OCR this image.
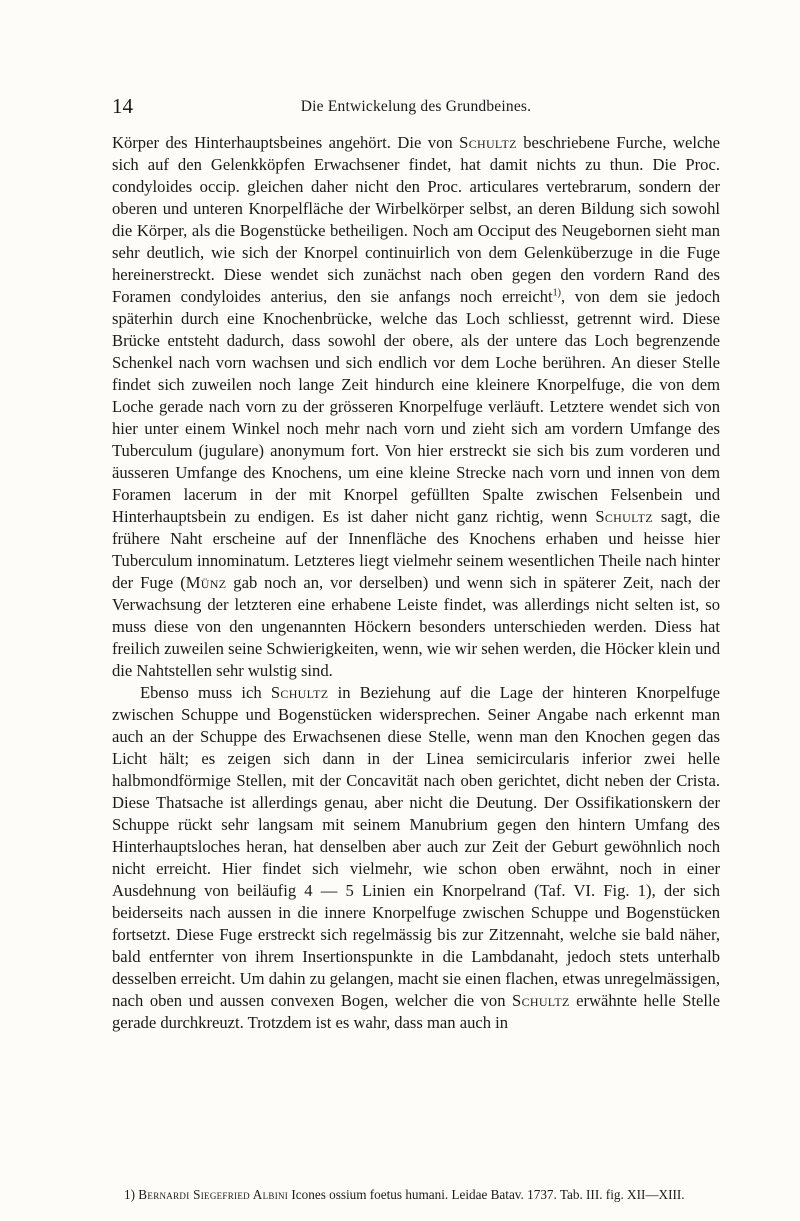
14	Die Entwickelung des Grundbeines.

Körper des Hinterhauptsbeines angehört. Die von Schultz beschriebene Furche, welche sich auf den Gelenkköpfen Erwachsener findet, hat damit nichts zu thun. Die Proc. condyloides occip. gleichen daher nicht den Proc. articulares vertebrarum, sondern der oberen und unteren Knorpelfläche der Wirbelkörper selbst, an deren Bildung sich sowohl die Körper, als die Bogenstücke betheiligen. Noch am Occiput des Neugebornen sieht man sehr deutlich, wie sich der Knorpel continuirlich von dem Gelenküberzuge in die Fuge hereinerstreckt. Diese wendet sich zunächst nach oben gegen den vordern Rand des Foramen condyloides anterius, den sie anfangs noch erreicht$^{1)}$, von dem sie jedoch späterhin durch eine Knochenbrücke, welche das Loch schliesst, getrennt wird. Diese Brücke entsteht dadurch, dass sowohl der obere, als der untere das Loch begrenzende Schenkel nach vorn wachsen und sich endlich vor dem Loche berühren. An dieser Stelle findet sich zuweilen noch lange Zeit hindurch eine kleinere Knorpelfuge, die von dem Loche gerade nach vorn zu der grösseren Knorpelfuge verläuft. Letztere wendet sich von hier unter einem Winkel noch mehr nach vorn und zieht sich am vordern Umfange des Tuberculum (jugulare) anonymum fort. Von hier erstreckt sie sich bis zum vorderen und äusseren Umfange des Knochens, um eine kleine Strecke nach vorn und innen von dem Foramen lacerum in der mit Knorpel gefüllten Spalte zwischen Felsenbein und Hinterhauptsbein zu endigen. Es ist daher nicht ganz richtig, wenn Schultz sagt, die frühere Naht erscheine auf der Innenfläche des Knochens erhaben und heisse hier Tuberculum innominatum. Letzteres liegt vielmehr seinem wesentlichen Theile nach hinter der Fuge (Münz gab noch an, vor derselben) und wenn sich in späterer Zeit, nach der Verwachsung der letzteren eine erhabene Leiste findet, was allerdings nicht selten ist, so muss diese von den ungenannten Höckern besonders unterschieden werden. Diess hat freilich zuweilen seine Schwierigkeiten, wenn, wie wir sehen werden, die Höcker klein und die Nahtstellen sehr wulstig sind.

Ebenso muss ich Schultz in Beziehung auf die Lage der hinteren Knorpelfuge zwischen Schuppe und Bogenstücken widersprechen. Seiner Angabe nach erkennt man auch an der Schuppe des Erwachsenen diese Stelle, wenn man den Knochen gegen das Licht hält; es zeigen sich dann in der Linea semicircularis inferior zwei helle halbmondförmige Stellen, mit der Concavität nach oben gerichtet, dicht neben der Crista. Diese Thatsache ist allerdings genau, aber nicht die Deutung. Der Ossifikationskern der Schuppe rückt sehr langsam mit seinem Manubrium gegen den hintern Umfang des Hinterhauptsloches heran, hat denselben aber auch zur Zeit der Geburt gewöhnlich noch nicht erreicht. Hier findet sich vielmehr, wie schon oben erwähnt, noch in einer Ausdehnung von beiläufig 4 — 5 Linien ein Knorpelrand (Taf. VI. Fig. 1), der sich beiderseits nach aussen in die innere Knorpelfuge zwischen Schuppe und Bogenstücken fortsetzt. Diese Fuge erstreckt sich regelmässig bis zur Zitzennaht, welche sie bald näher, bald entfernter von ihrem Insertionspunkte in die Lambdanaht, jedoch stets unterhalb desselben erreicht. Um dahin zu gelangen, macht sie einen flachen, etwas unregelmässigen, nach oben und aussen convexen Bogen, welcher die von Schultz erwähnte helle Stelle gerade durchkreuzt. Trotzdem ist es wahr, dass man auch in

1) Bernardi Siegefried Albini Icones ossium foetus humani. Leidae Batav. 1737. Tab. III. fig. XII—XIII.
